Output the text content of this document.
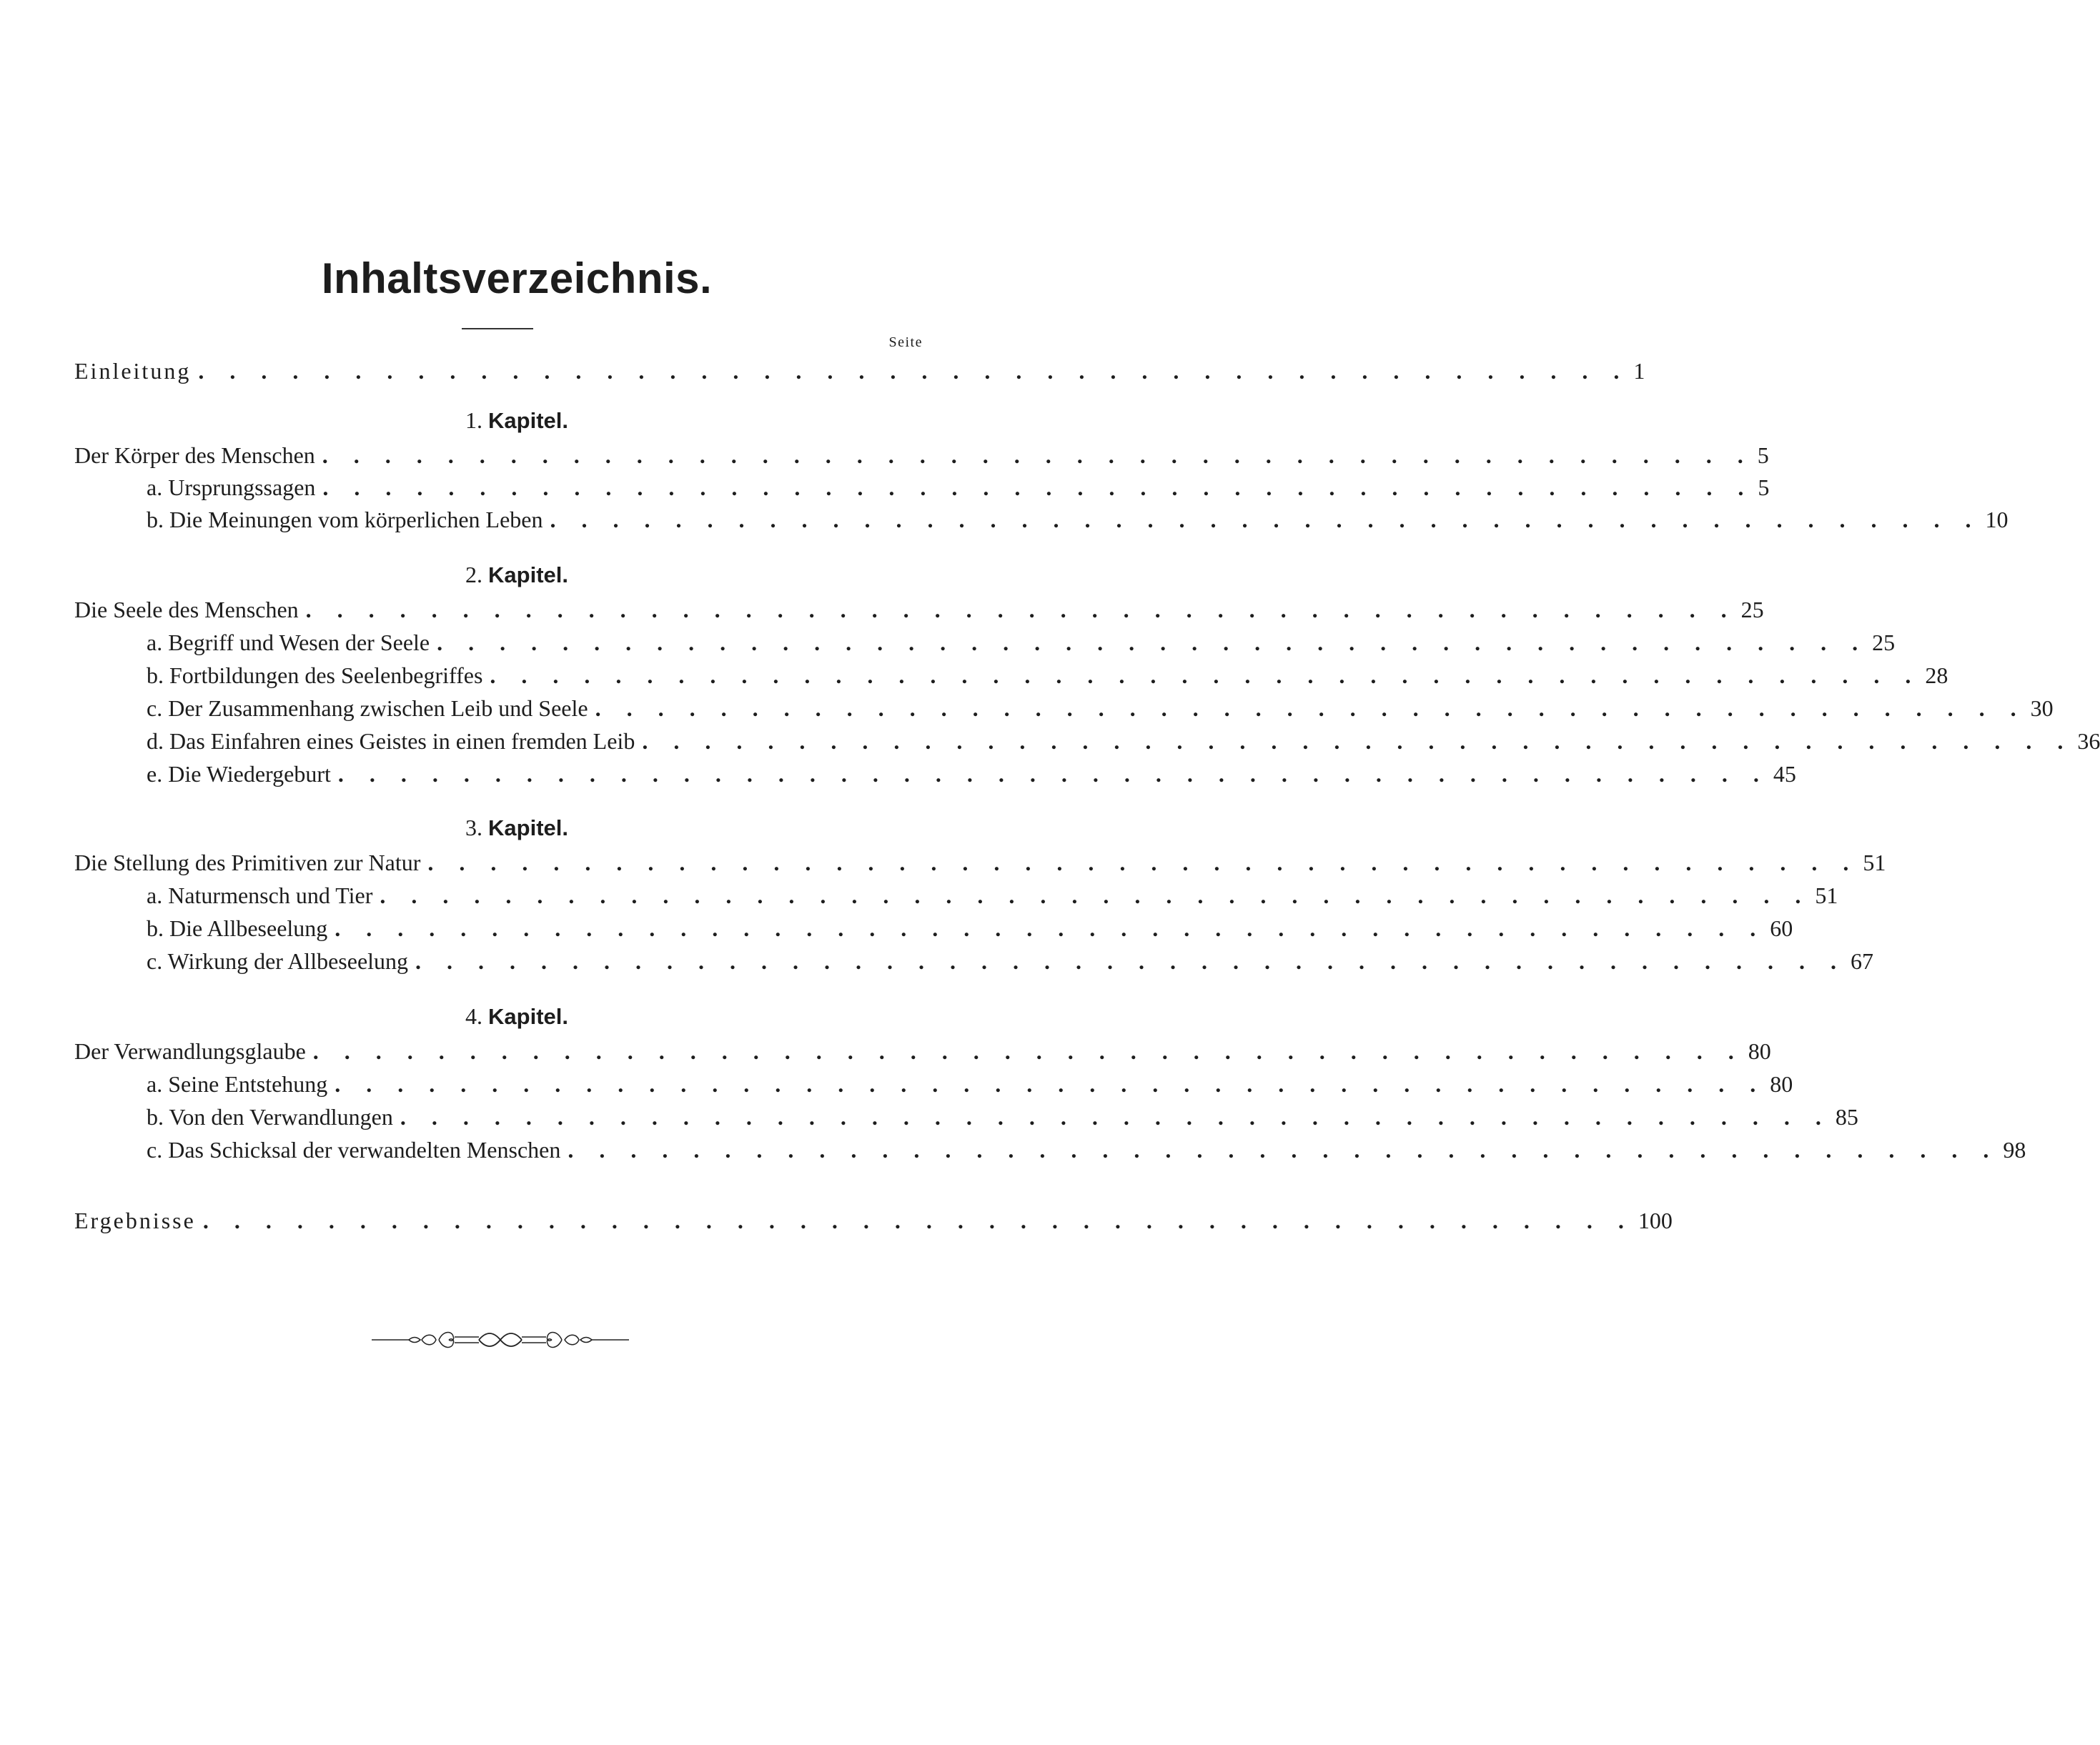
Inhaltsverzeichnis.
Seite
Einleitung . . . . . . . . . . . . . . . . . . . . . . . . . . . . . . . . . . . . . . . . . . . . . . 1
1. Kapitel.
Der Körper des Menschen . . . . . . . . . . . . . . . . . . . . . . . . . . . . . . . . . . . . . . . . . . . . . . 5
a. Ursprungssagen . . . . . . . . . . . . . . . . . . . . . . . . . . . . . . . . . . . . . . . . . . . . . . 5
b. Die Meinungen vom körperlichen Leben . . . . . . . . . . . . . . . . . . . . . . . . . . . . . . . . . . . . . . . . . . . . . . 10
2. Kapitel.
Die Seele des Menschen . . . . . . . . . . . . . . . . . . . . . . . . . . . . . . . . . . . . . . . . . . . . . . 25
a. Begriff und Wesen der Seele . . . . . . . . . . . . . . . . . . . . . . . . . . . . . . . . . . . . . . . . . . . . . . 25
b. Fortbildungen des Seelenbegriffes . . . . . . . . . . . . . . . . . . . . . . . . . . . . . . . . . . . . . . . . . . . . . . 28
c. Der Zusammenhang zwischen Leib und Seele . . . . . . . . . . . . . . . . . . . . . . . . . . . . . . . . . . . . . . . . . . . . . . 30
d. Das Einfahren eines Geistes in einen fremden Leib . . . . . . . . . . . . . . . . . . . . . . . . . . . . . . . . . . . . . . . . . . . . . . 36
e. Die Wiedergeburt . . . . . . . . . . . . . . . . . . . . . . . . . . . . . . . . . . . . . . . . . . . . . . 45
3. Kapitel.
Die Stellung des Primitiven zur Natur . . . . . . . . . . . . . . . . . . . . . . . . . . . . . . . . . . . . . . . . . . . . . . 51
a. Naturmensch und Tier . . . . . . . . . . . . . . . . . . . . . . . . . . . . . . . . . . . . . . . . . . . . . . 51
b. Die Allbeseelung . . . . . . . . . . . . . . . . . . . . . . . . . . . . . . . . . . . . . . . . . . . . . . 60
c. Wirkung der Allbeseelung . . . . . . . . . . . . . . . . . . . . . . . . . . . . . . . . . . . . . . . . . . . . . . 67
4. Kapitel.
Der Verwandlungsglaube . . . . . . . . . . . . . . . . . . . . . . . . . . . . . . . . . . . . . . . . . . . . . . 80
a. Seine Entstehung . . . . . . . . . . . . . . . . . . . . . . . . . . . . . . . . . . . . . . . . . . . . . . 80
b. Von den Verwandlungen . . . . . . . . . . . . . . . . . . . . . . . . . . . . . . . . . . . . . . . . . . . . . . 85
c. Das Schicksal der verwandelten Menschen . . . . . . . . . . . . . . . . . . . . . . . . . . . . . . . . . . . . . . . . . . . . . . 98
Ergebnisse . . . . . . . . . . . . . . . . . . . . . . . . . . . . . . . . . . . . . . . . . . . . . . 100
